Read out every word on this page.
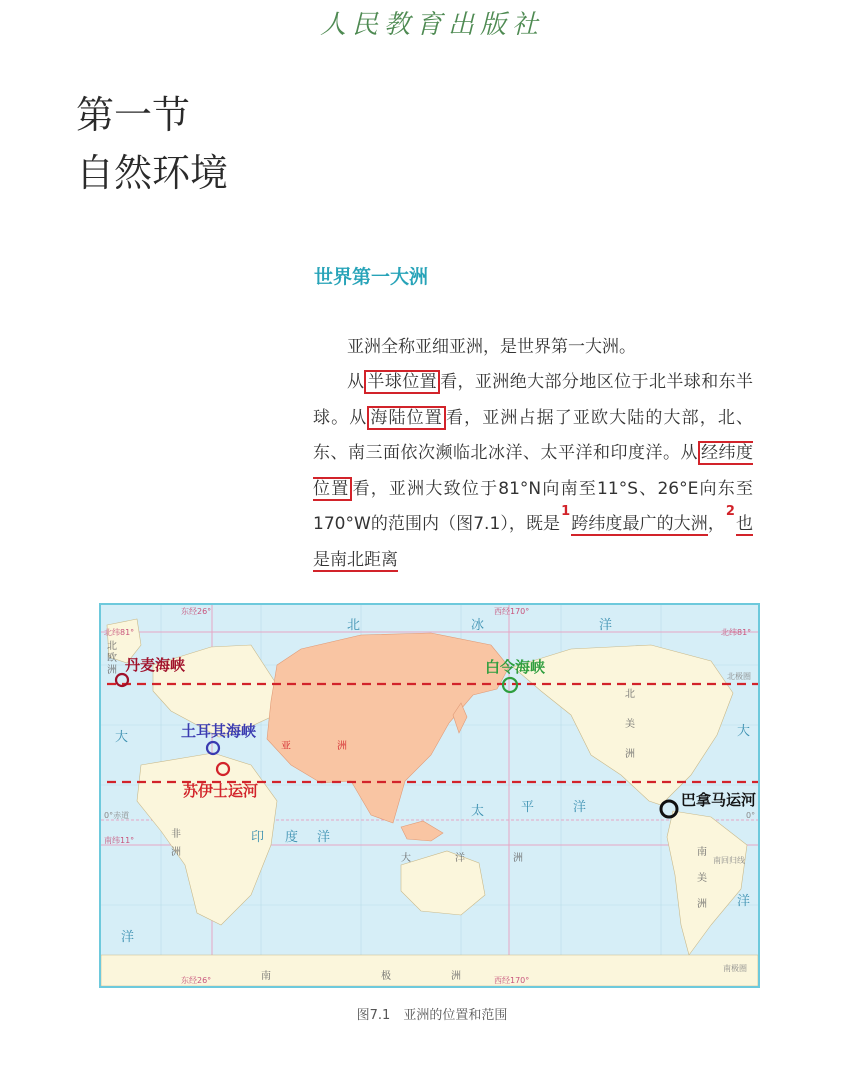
人民教育出版社
第一节
自然环境
世界第一大洲

亚洲全称亚细亚洲，是世界第一大洲。

从 半球位置 看，亚洲绝大部分地区位于北半球和东半球。从 海陆位置 看，亚洲占据了亚欧大陆的大部，北、东、南三面依次濒临北冰洋、太平洋和印度洋。从 经纬度位置 看，亚洲大致位于81°N向南至11°S、26°E向东至170°W的范围内（图7.1），既是$^1$跨纬度最广的大洲，$^2$也是南北距离

东经26°	西经170°
东经26°	西经170°
北纬81°	北纬81°
0°赤道	0°
南纬11°
北极圈
南回归线
南极圈
北	冰	洋
太	平	洋
印 度 洋
大
洋
大
洋
南	极	洲
大	洋	洲
北
美
洲
南
美
洲
非
洲
北
欧
洲
亚	洲
丹麦海峡	白令海峡
土耳其海峡
苏伊士运河	巴拿马运河
图7.1　亚洲的位置和范围
